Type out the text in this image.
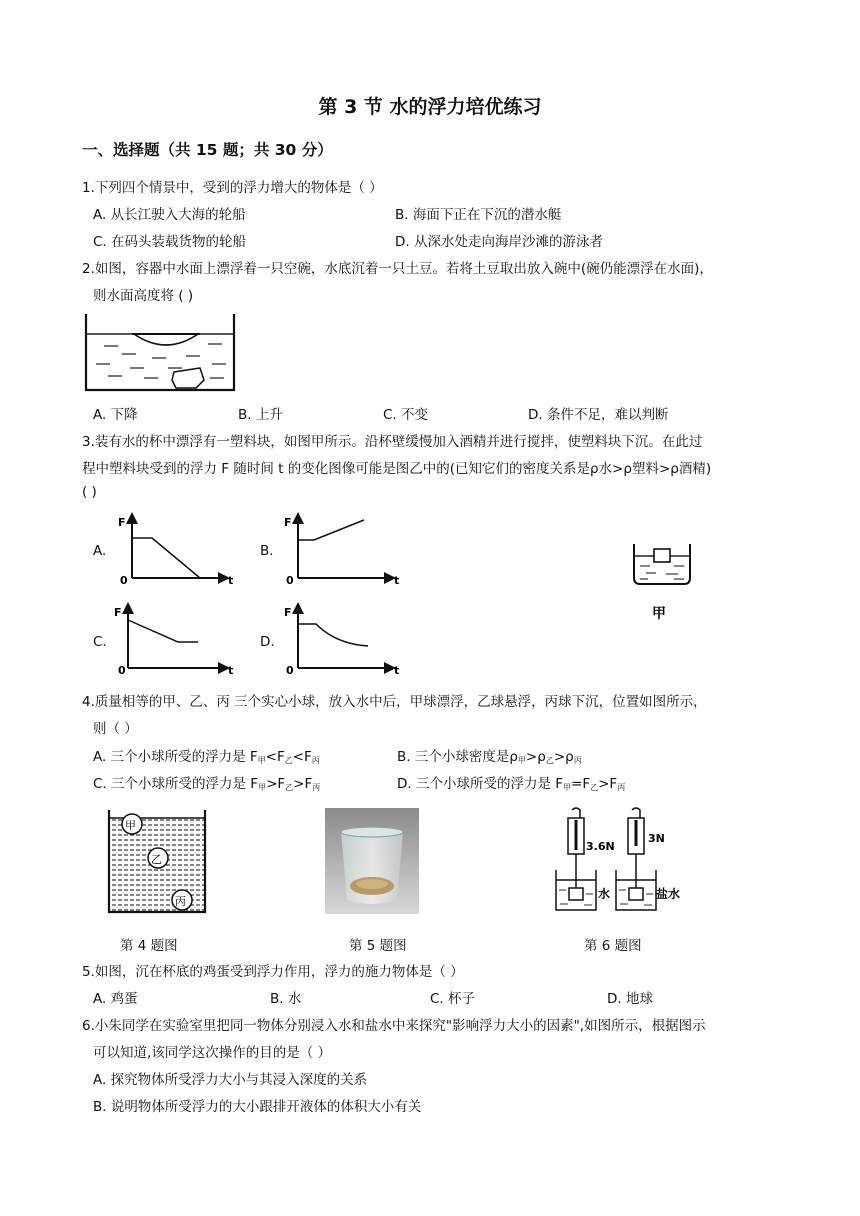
第 3 节 水的浮力培优练习
一、选择题（共 15 题；共 30 分）
1.下列四个情景中，受到的浮力增大的物体是（ ）
A. 从长江驶入大海的轮船	B. 海面下正在下沉的潜水艇
C. 在码头装载货物的轮船	D. 从深水处走向海岸沙滩的游泳者
2.如图，容器中水面上漂浮着一只空碗，水底沉着一只土豆。若将土豆取出放入碗中(碗仍能漂浮在水面)，
则水面高度将 ( )
A. 下降	B. 上升	C. 不变	D. 条件不足，难以判断
3.装有水的杯中漂浮有一塑料块，如图甲所示。沿杯壁缓慢加入酒精并进行搅拌，使塑料块下沉。在此过
程中塑料块受到的浮力 F 随时间 t 的变化图像可能是图乙中的(已知它们的密度关系是ρ水>ρ塑料>ρ酒精)
( )
A.	B.
C.	D.
F
0	t
F
0	t
F
0	t
F
0	t
甲
4.质量相等的甲、乙、丙 三个实心小球，放入水中后，甲球漂浮，乙球悬浮，丙球下沉，位置如图所示，
则（ ）
A. 三个小球所受的浮力是 $F_甲<F_乙<F_丙$	B. 三个小球密度是$\rho_甲>\rho_乙>\rho_丙$
C. 三个小球所受的浮力是 $F_甲>F_乙>F_丙$	D. 三个小球所受的浮力是 $F_甲=F_乙>F_丙$
甲
乙
丙
3.6N
3N
水	盐水
第 4 题图	第 5 题图	第 6 题图
5.如图，沉在杯底的鸡蛋受到浮力作用，浮力的施力物体是（ ）
A. 鸡蛋	B. 水	C. 杯子	D. 地球
6.小朱同学在实验室里把同一物体分别浸入水和盐水中来探究"影响浮力大小的因素",如图所示，根据图示
可以知道,该同学这次操作的目的是（ ）
A. 探究物体所受浮力大小与其浸入深度的关系
B. 说明物体所受浮力的大小跟排开液体的体积大小有关
